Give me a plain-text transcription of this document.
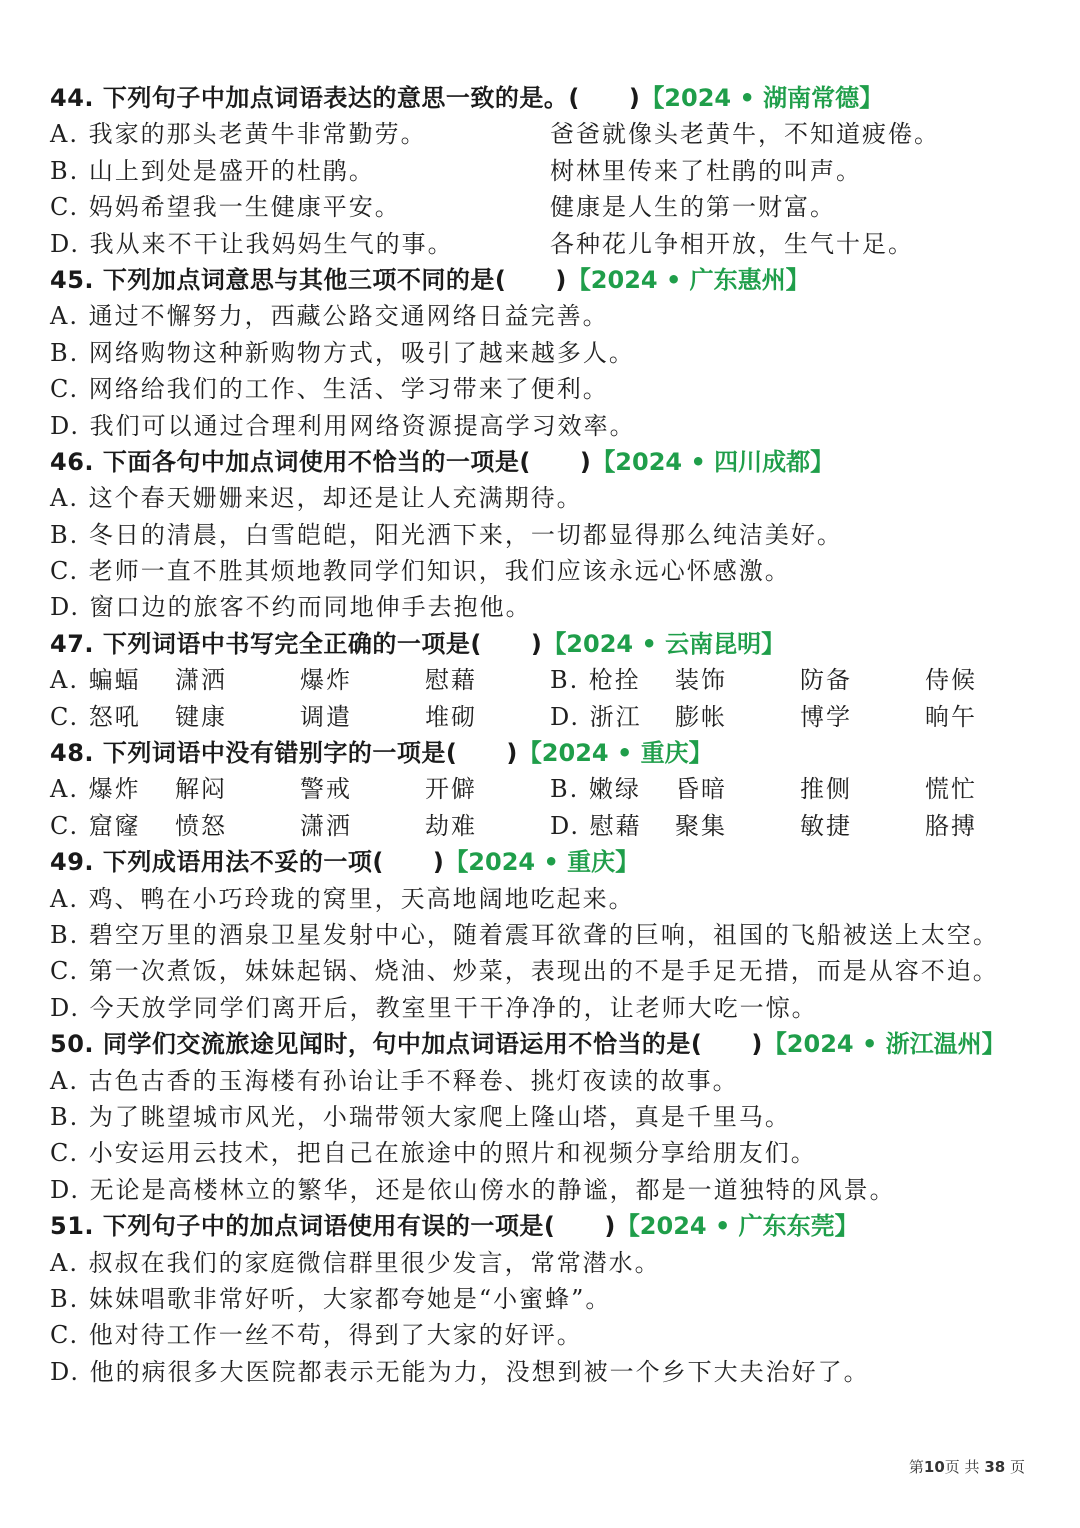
44. 下列句子中加点词语表达的意思一致的是。(　　)【2024 • 湖南常德】
A. 我家的那头老黄牛非常勤劳。	爸爸就像头老黄牛，不知道疲倦。
B. 山上到处是盛开的杜鹃。	树林里传来了杜鹃的叫声。
C. 妈妈希望我一生健康平安。	健康是人生的第一财富。
D. 我从来不干让我妈妈生气的事。	各种花儿争相开放，生气十足。
45. 下列加点词意思与其他三项不同的是(　　)【2024 • 广东惠州】
A. 通过不懈努力，西藏公路交通网络日益完善。
B. 网络购物这种新购物方式，吸引了越来越多人。
C. 网络给我们的工作、生活、学习带来了便利。
D. 我们可以通过合理利用网络资源提高学习效率。
46. 下面各句中加点词使用不恰当的一项是(　　)【2024 • 四川成都】
A. 这个春天姗姗来迟，却还是让人充满期待。
B. 冬日的清晨，白雪皑皑，阳光洒下来，一切都显得那么纯洁美好。
C. 老师一直不胜其烦地教同学们知识，我们应该永远心怀感激。
D. 窗口边的旅客不约而同地伸手去抱他。
47. 下列词语中书写完全正确的一项是(　　)【2024 • 云南昆明】
A. 蝙蝠 潇洒	爆炸	慰藉	B. 枪拴 装饰	防备	侍候
C. 怒吼 键康	调遣	堆砌	D. 浙江 膨帐	博学	晌午
48. 下列词语中没有错别字的一项是(　　)【2024 • 重庆】
A. 爆炸 解闷	警戒	开僻	B. 嫩绿 昏暗	推侧	慌忙
C. 窟窿 愤怒	潇洒	劫难	D. 慰藉 聚集	敏捷	胳搏
49. 下列成语用法不妥的一项(　　)【2024 • 重庆】
A. 鸡、鸭在小巧玲珑的窝里，天高地阔地吃起来。
B. 碧空万里的酒泉卫星发射中心，随着震耳欲聋的巨响，祖国的飞船被送上太空。
C. 第一次煮饭，妹妹起锅、烧油、炒菜，表现出的不是手足无措，而是从容不迫。
D. 今天放学同学们离开后，教室里干干净净的，让老师大吃一惊。
50. 同学们交流旅途见闻时，句中加点词语运用不恰当的是(　　)【2024 • 浙江温州】
A. 古色古香的玉海楼有孙诒让手不释卷、挑灯夜读的故事。
B. 为了眺望城市风光，小瑞带领大家爬上隆山塔，真是千里马。
C. 小安运用云技术，把自己在旅途中的照片和视频分享给朋友们。
D. 无论是高楼林立的繁华，还是依山傍水的静谧，都是一道独特的风景。
51. 下列句子中的加点词语使用有误的一项是(　　)【2024 • 广东东莞】
A. 叔叔在我们的家庭微信群里很少发言，常常潜水。
B. 妹妹唱歌非常好听，大家都夸她是“小蜜蜂”。
C. 他对待工作一丝不苟，得到了大家的好评。
D. 他的病很多大医院都表示无能为力，没想到被一个乡下大夫治好了。
第10页 共 38 页
